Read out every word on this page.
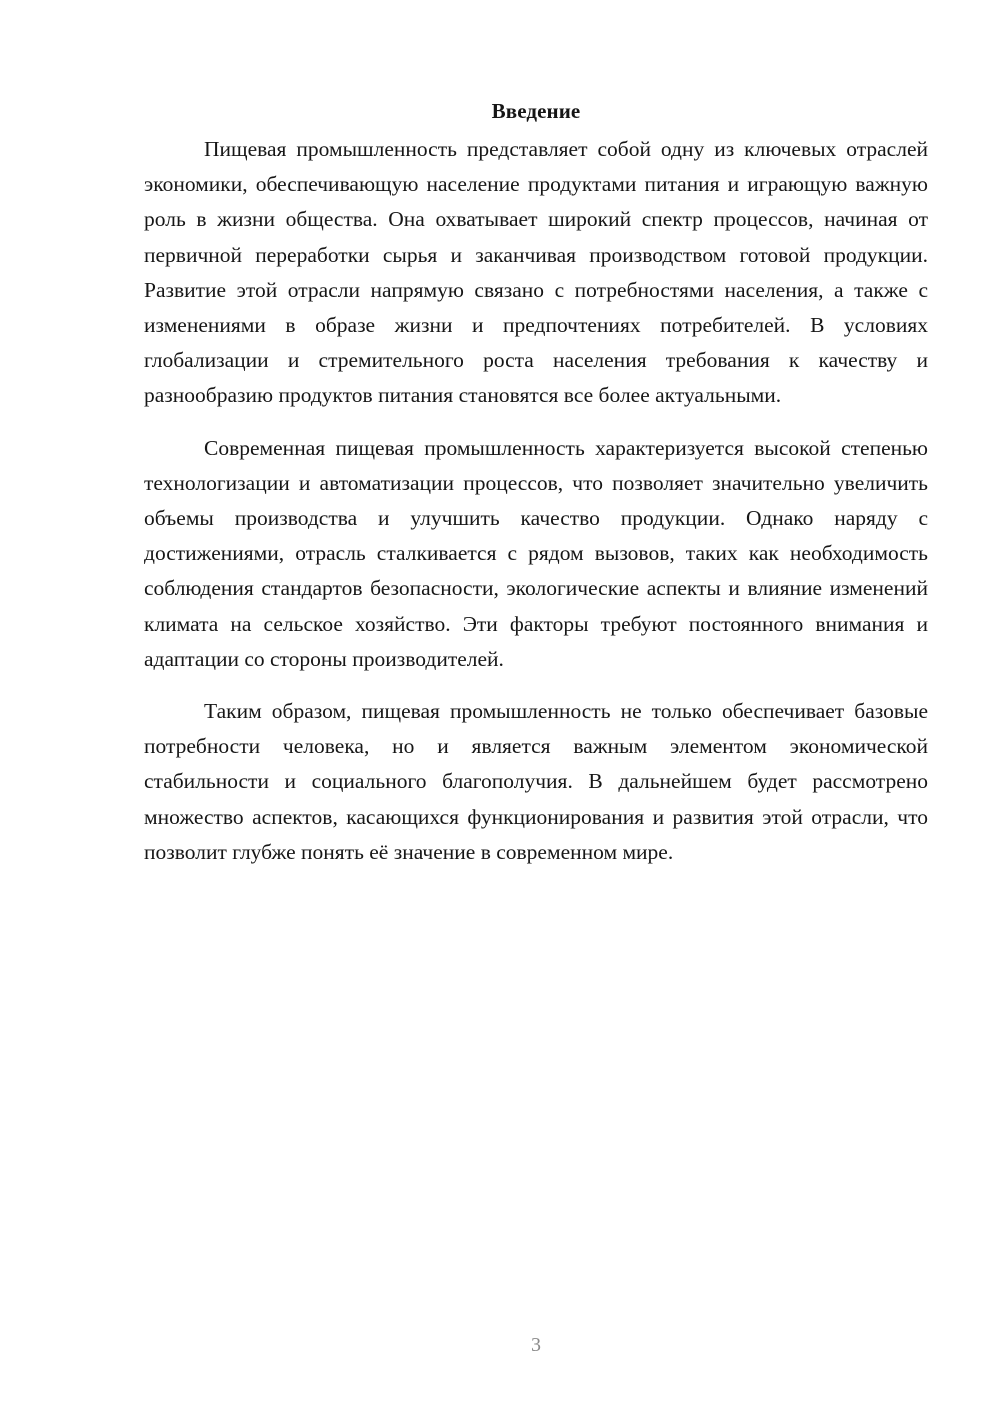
Введение

Пищевая промышленность представляет собой одну из ключевых отраслей экономики, обеспечивающую население продуктами питания и играющую важную роль в жизни общества. Она охватывает широкий спектр процессов, начиная от первичной переработки сырья и заканчивая производством готовой продукции. Развитие этой отрасли напрямую связано с потребностями населения, а также с изменениями в образе жизни и предпочтениях потребителей. В условиях глобализации и стремительного роста населения требования к качеству и разнообразию продуктов питания становятся все более актуальными.

Современная пищевая промышленность характеризуется высокой степенью технологизации и автоматизации процессов, что позволяет значительно увеличить объемы производства и улучшить качество продукции. Однако наряду с достижениями, отрасль сталкивается с рядом вызовов, таких как необходимость соблюдения стандартов безопасности, экологические аспекты и влияние изменений климата на сельское хозяйство. Эти факторы требуют постоянного внимания и адаптации со стороны производителей.

Таким образом, пищевая промышленность не только обеспечивает базовые потребности человека, но и является важным элементом экономической стабильности и социального благополучия. В дальнейшем будет рассмотрено множество аспектов, касающихся функционирования и развития этой отрасли, что позволит глубже понять её значение в современном мире.

3
